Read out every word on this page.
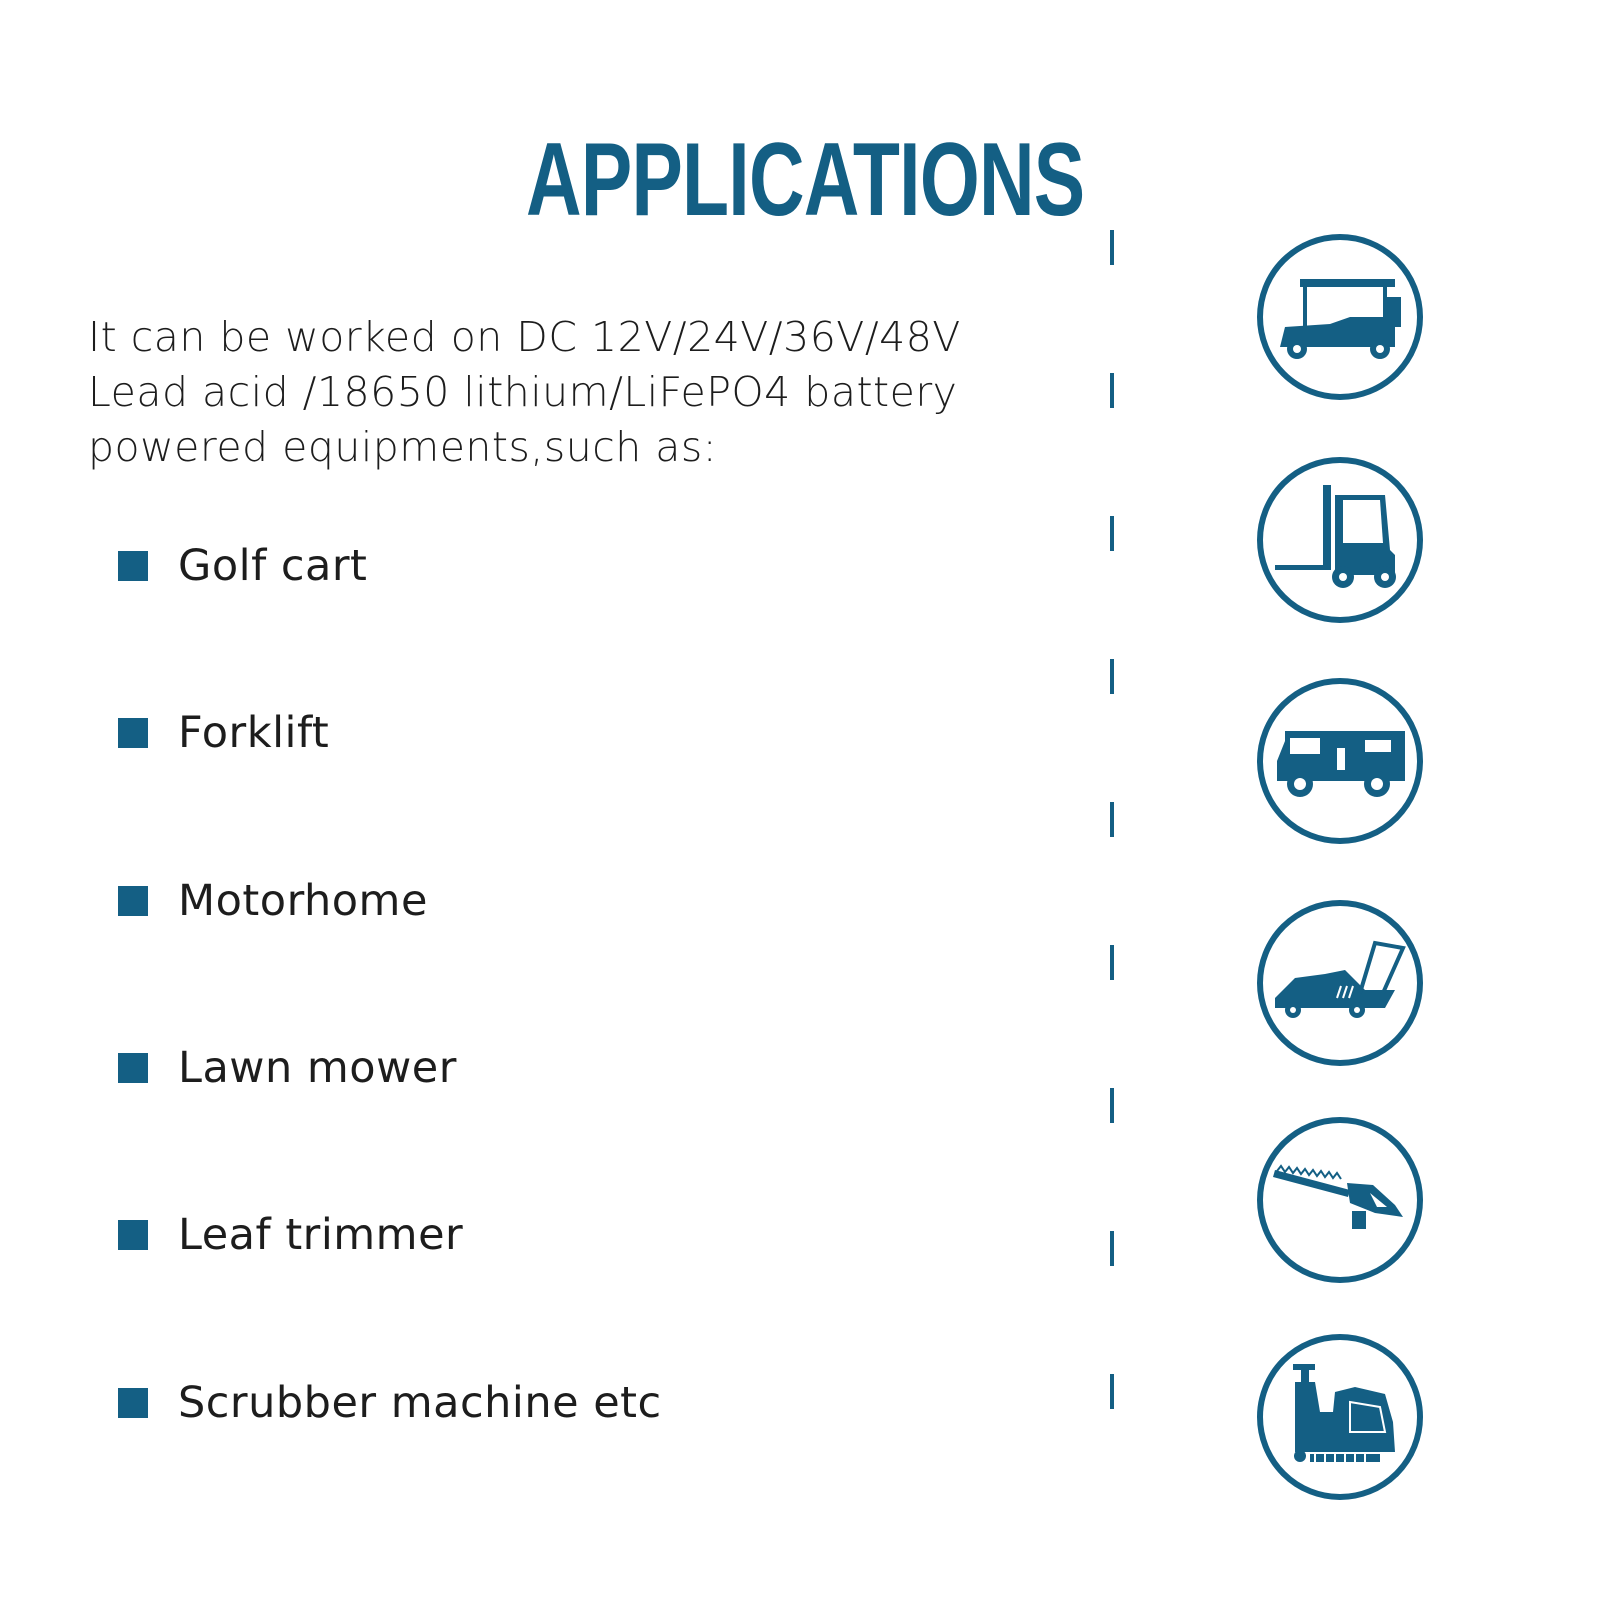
APPLICATIONS

It can be worked on DC 12V/24V/36V/48V
Lead acid /18650 lithium/LiFePO4 battery
powered equipments,such as:

Golf cart
Forklift
Motorhome
Lawn mower
Leaf trimmer
Scrubber machine etc
